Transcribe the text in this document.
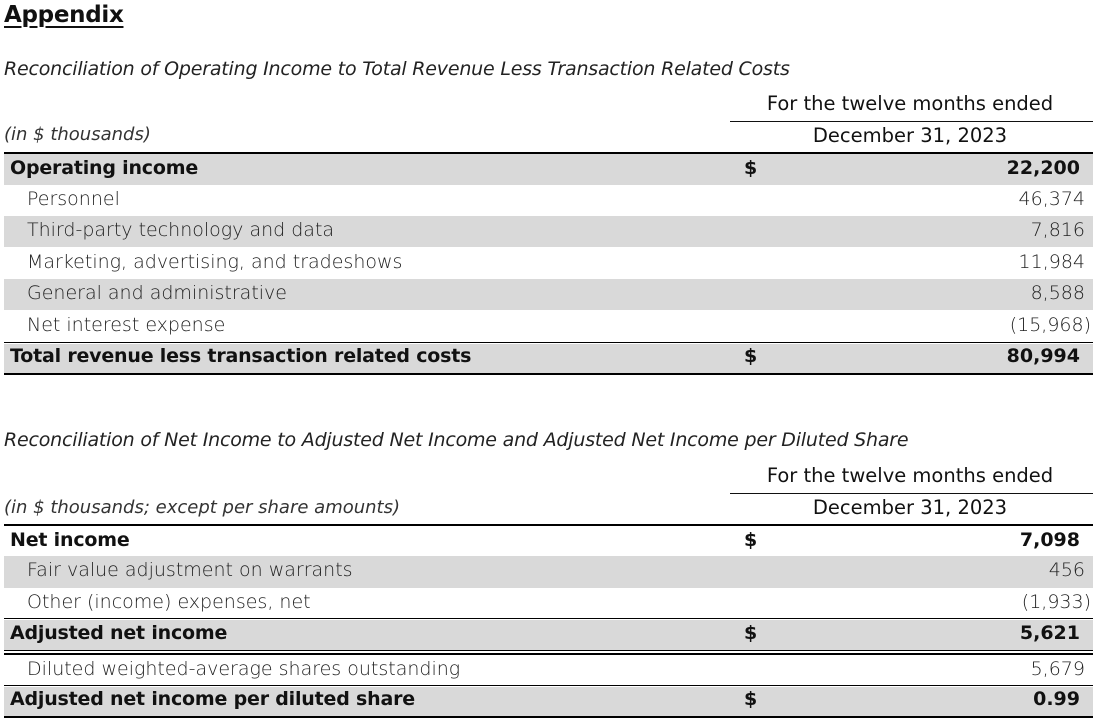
Appendix
Reconciliation of Operating Income to Total Revenue Less Transaction Related Costs
For the twelve months ended
(in $ thousands)	December 31, 2023
Operating income	$	22,200
Personnel	46,374
Third-party technology and data	7,816
Marketing, advertising, and tradeshows	11,984
General and administrative	8,588
Net interest expense	(15,968)
Total revenue less transaction related costs	$	80,994
Reconciliation of Net Income to Adjusted Net Income and Adjusted Net Income per Diluted Share
For the twelve months ended
(in $ thousands; except per share amounts)	December 31, 2023
Net income	$	7,098
Fair value adjustment on warrants	456
Other (income) expenses, net	(1,933)
Adjusted net income	$	5,621
Diluted weighted-average shares outstanding	5,679
Adjusted net income per diluted share	$	0.99
